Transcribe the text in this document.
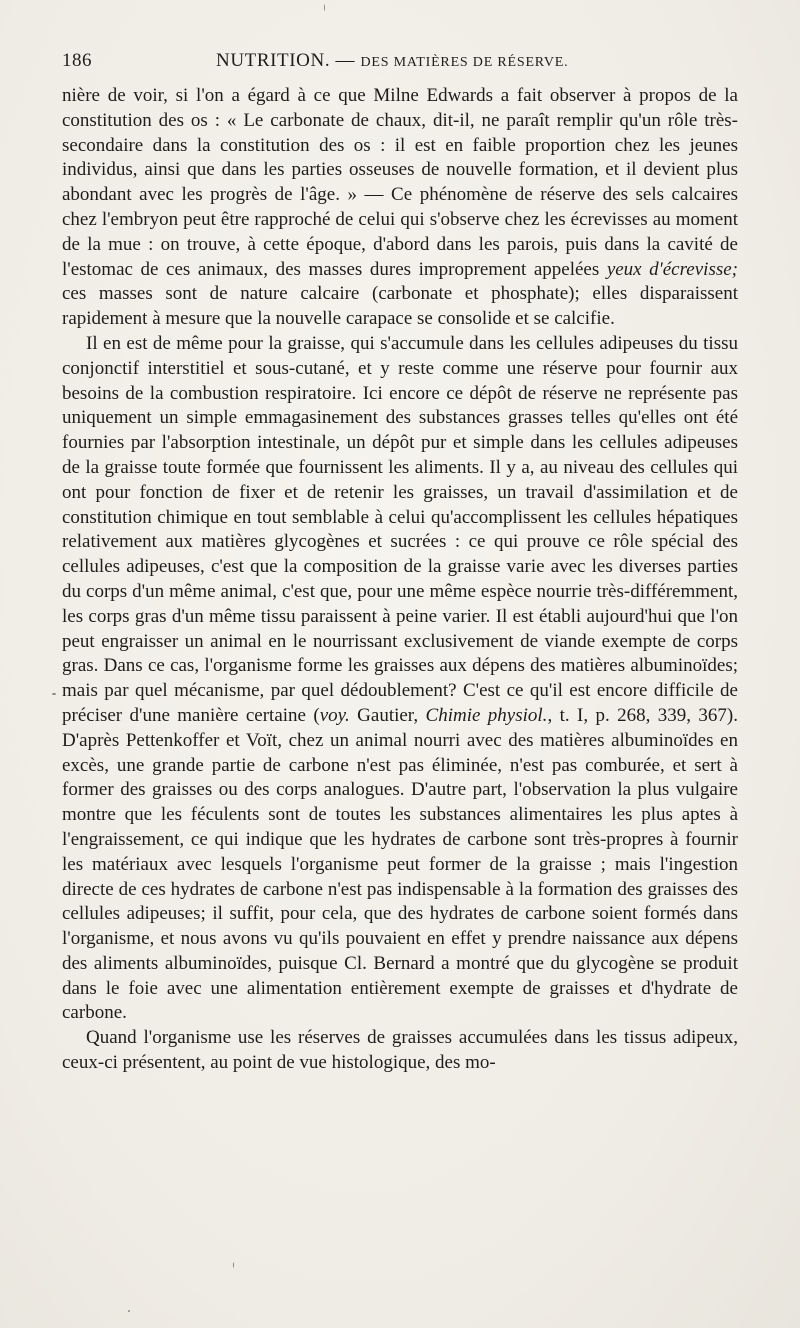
186	NUTRITION. — DES MATIÈRES DE RÉSERVE.

nière de voir, si l'on a égard à ce que Milne Edwards a fait observer à propos de la constitution des os : « Le carbonate de chaux, dit-il, ne paraît remplir qu'un rôle très-secondaire dans la constitution des os : il est en faible proportion chez les jeunes individus, ainsi que dans les parties osseuses de nouvelle formation, et il devient plus abondant avec les progrès de l'âge. » — Ce phénomène de réserve des sels calcaires chez l'embryon peut être rapproché de celui qui s'observe chez les écrevisses au moment de la mue : on trouve, à cette époque, d'abord dans les parois, puis dans la cavité de l'estomac de ces animaux, des masses dures improprement appelées yeux d'écrevisse; ces masses sont de nature calcaire (carbonate et phosphate); elles disparaissent rapidement à mesure que la nouvelle carapace se consolide et se calcifie.

Il en est de même pour la graisse, qui s'accumule dans les cellules adipeuses du tissu conjonctif interstitiel et sous-cutané, et y reste comme une réserve pour fournir aux besoins de la combustion respiratoire. Ici encore ce dépôt de réserve ne représente pas uniquement un simple emmagasinement des substances grasses telles qu'elles ont été fournies par l'absorption intestinale, un dépôt pur et simple dans les cellules adipeuses de la graisse toute formée que fournissent les aliments. Il y a, au niveau des cellules qui ont pour fonction de fixer et de retenir les graisses, un travail d'assimilation et de constitution chimique en tout semblable à celui qu'accomplissent les cellules hépatiques relativement aux matières glycogènes et sucrées : ce qui prouve ce rôle spécial des cellules adipeuses, c'est que la composition de la graisse varie avec les diverses parties du corps d'un même animal, c'est que, pour une même espèce nourrie très-différemment, les corps gras d'un même tissu paraissent à peine varier. Il est établi aujourd'hui que l'on peut engraisser un animal en le nourrissant exclusivement de viande exempte de corps gras. Dans ce cas, l'organisme forme les graisses aux dépens des matières albuminoïdes; mais par quel mécanisme, par quel dédoublement? C'est ce qu'il est encore difficile de préciser d'une manière certaine (voy. Gautier, Chimie physiol., t. I, p. 268, 339, 367). D'après Pettenkoffer et Voït, chez un animal nourri avec des matières albuminoïdes en excès, une grande partie de carbone n'est pas éliminée, n'est pas comburée, et sert à former des graisses ou des corps analogues. D'autre part, l'observation la plus vulgaire montre que les féculents sont de toutes les substances alimentaires les plus aptes à l'engraissement, ce qui indique que les hydrates de carbone sont très-propres à fournir les matériaux avec lesquels l'organisme peut former de la graisse ; mais l'ingestion directe de ces hydrates de carbone n'est pas indispensable à la formation des graisses des cellules adipeuses; il suffit, pour cela, que des hydrates de carbone soient formés dans l'organisme, et nous avons vu qu'ils pouvaient en effet y prendre naissance aux dépens des aliments albuminoïdes, puisque Cl. Bernard a montré que du glycogène se produit dans le foie avec une alimentation entièrement exempte de graisses et d'hydrate de carbone.

Quand l'organisme use les réserves de graisses accumulées dans les tissus adipeux, ceux-ci présentent, au point de vue histologique, des mo-
